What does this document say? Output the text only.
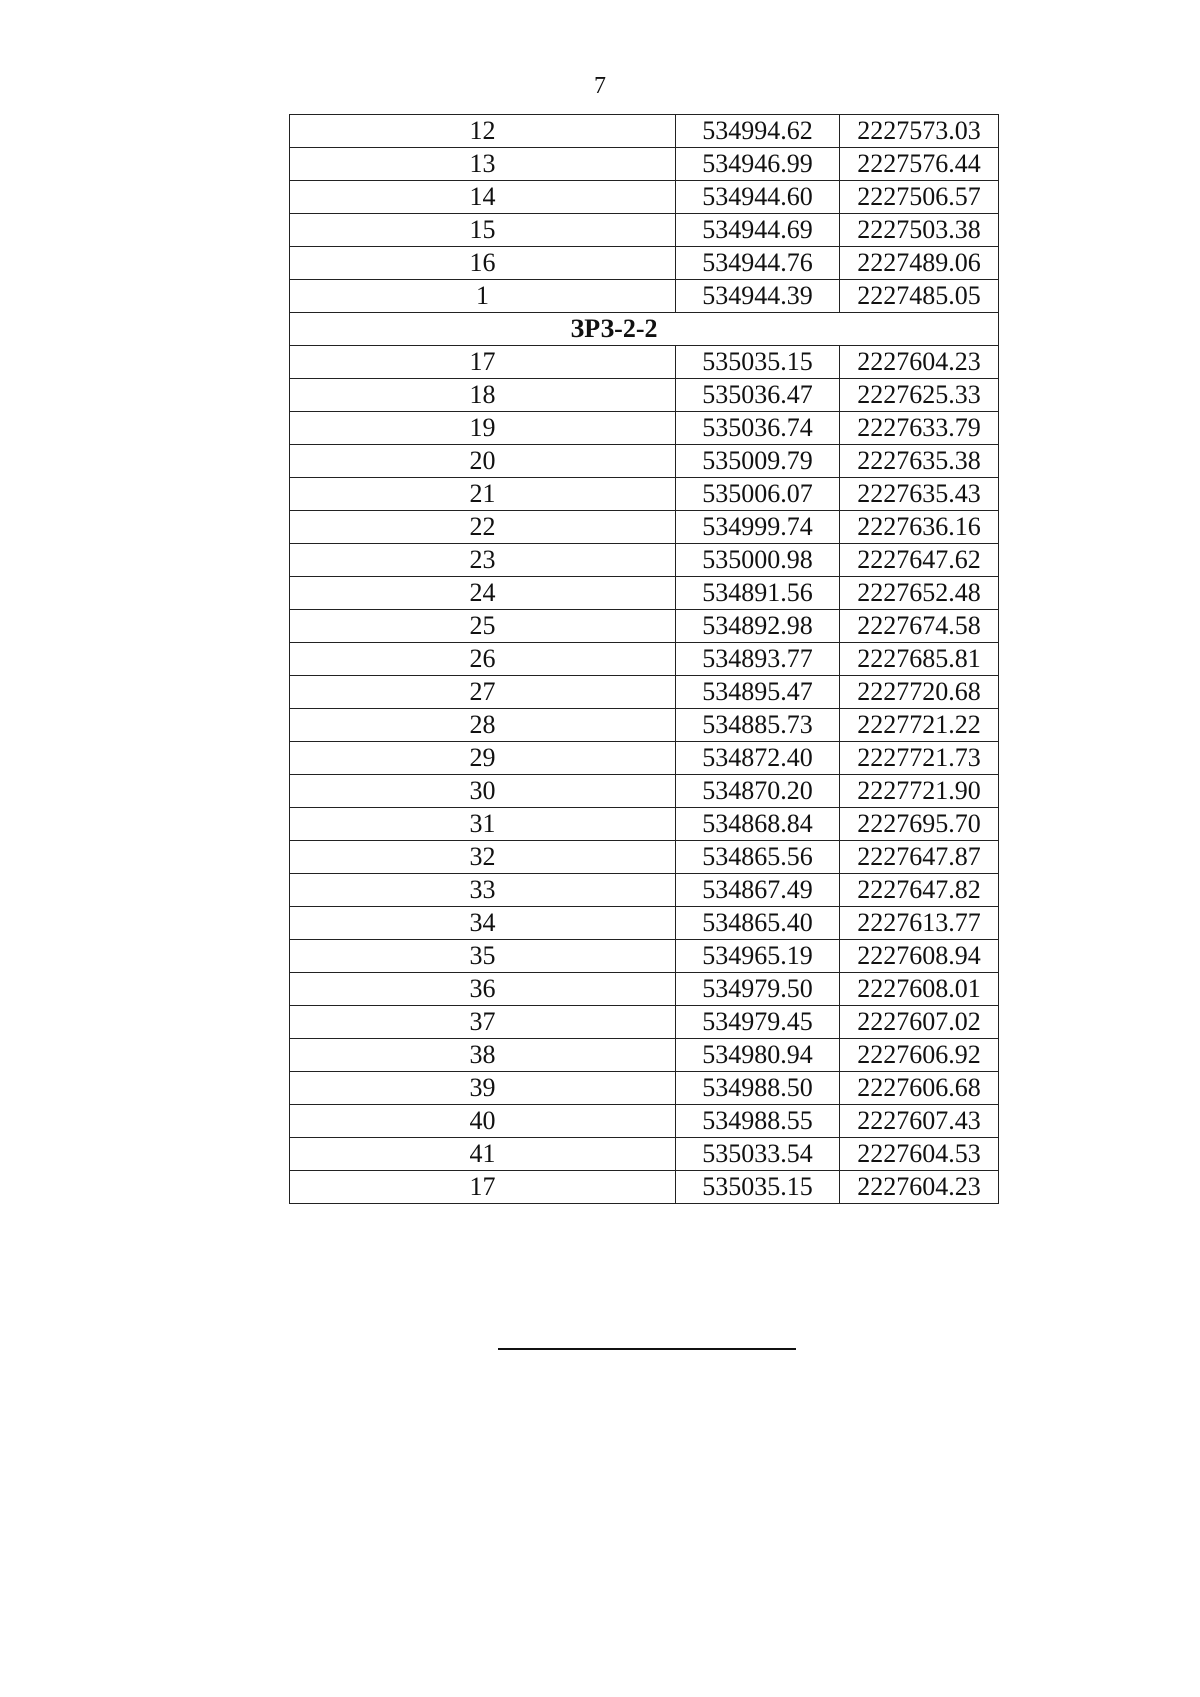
7
12	534994.62	2227573.03
13	534946.99	2227576.44
14	534944.60	2227506.57
15	534944.69	2227503.38
16	534944.76	2227489.06
1	534944.39	2227485.05
ЗРЗ-2-2		
17	535035.15	2227604.23
18	535036.47	2227625.33
19	535036.74	2227633.79
20	535009.79	2227635.38
21	535006.07	2227635.43
22	534999.74	2227636.16
23	535000.98	2227647.62
24	534891.56	2227652.48
25	534892.98	2227674.58
26	534893.77	2227685.81
27	534895.47	2227720.68
28	534885.73	2227721.22
29	534872.40	2227721.73
30	534870.20	2227721.90
31	534868.84	2227695.70
32	534865.56	2227647.87
33	534867.49	2227647.82
34	534865.40	2227613.77
35	534965.19	2227608.94
36	534979.50	2227608.01
37	534979.45	2227607.02
38	534980.94	2227606.92
39	534988.50	2227606.68
40	534988.55	2227607.43
41	535033.54	2227604.53
17	535035.15	2227604.23
